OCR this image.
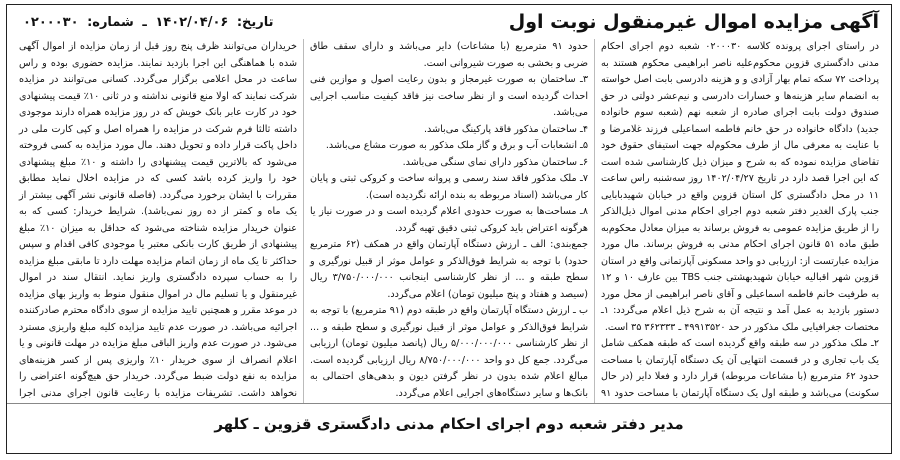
آگهی مزایده اموال غیرمنقول نوبت اول
تاریخ: ۱۴۰۲/۰۴/۰۶ ـ شماره: ۰۲۰۰۰۳۰

در راستای اجرای پرونده کلاسه ۰۲۰۰۰۳۰ شعبه دوم اجرای احکام مدنی دادگستری قزوین محکوم‌علیه ناصر ابراهیمی محکوم هستند به پرداخت ۷۲ سکه تمام بهار آزادی و و هزینه دادرسی بابت اصل خواسته به انضمام سایر هزینه‌ها و خسارات دادرسی و نیم‌عشر دولتی در حق صندوق دولت بابت اجرای صادره از شعبه نهم (شعبه سوم خانواده جدید) دادگاه خانواده در حق خانم فاطمه اسماعیلی فرزند غلامرضا و با عنایت به معرفی مال از طرف محکوم‌له جهت استیفای حقوق خود تقاضای مزایده نموده که به شرح و میزان ذیل کارشناسی شده است که این اجرا قصد دارد در تاریخ ۱۴۰۲/۰۴/۲۷ روز سه‌شنبه راس ساعت ۱۱ در محل دادگستری کل استان قزوین واقع در خیابان شهیدبابایی جنب پارک الغدیر دفتر شعبه دوم اجرای احکام مدنی اموال ذیل‌الذکر را از طریق مزایده عمومی به فروش برساند به میزان معادل محکوم‌به طبق ماده ۵۱ قانون اجرای احکام مدنی به فروش برساند. مال مورد مزایده عبارتست از: ارزیابی دو واحد مسکونی آپارتمانی واقع در استان قزوین شهر اقبالیه خیابان شهیدبهشتی جنب TBS بین عارف ۱۰ و ۱۲ به طرفیت خانم فاطمه اسماعیلی و آقای ناصر ابراهیمی از محل مورد دستور بازدید به عمل آمد و نتیجه آن به شرح ذیل اعلام می‌گردد: ۱ـ مختصات جغرافیایی ملک مذکور در حد ۴۹۹۱۳۵۲۰ ـ ۳۶۲۳۳۳ ۳۵ است.

۲ـ ملک مذکور در سه طبقه واقع گردیده است که طبقه همکف شامل یک باب تجاری و در قسمت انتهایی آن یک دستگاه آپارتمان با مساحت حدود ۶۲ مترمربع (با مشاعات مربوطه) قرار دارد و فعلا دایر (در حال سکونت) می‌باشد و طبقه اول یک دستگاه آپارتمان با مساحت حدود ۹۱

حدود ۹۱ مترمربع (با مشاعات) دایر می‌باشد و دارای سقف طاق ضربی و بخشی به صورت شیروانی است.

۳ـ ساختمان به صورت غیرمجاز و بدون رعایت اصول و موازین فنی احداث گردیده است و از نظر ساخت نیز فاقد کیفیت مناسب اجرایی می‌باشد.

۴ـ ساختمان مذکور فاقد پارکینگ می‌باشد.

۵ـ انشعابات آب و برق و گاز ملک مذکور به صورت مشاع می‌باشد.

۶ـ ساختمان مذکور دارای نمای سنگی می‌باشد.

۷ـ ملک مذکور فاقد سند رسمی و پروانه ساخت و کروکی ثبتی و پایان کار می‌باشد (اسناد مربوطه به بنده ارائه نگردیده است).

۸ـ مساحت‌ها به صورت حدودی اعلام گردیده است و در صورت نیاز یا هرگونه اعتراض باید کروکی ثبتی دقیق تهیه گردد.

جمع‌بندی: الف ـ ارزش دستگاه آپارتمان واقع در همکف (۶۲ مترمربع حدود) با توجه به شرایط فوق‌الذکر و عوامل موثر از قبیل نورگیری و سطح طبقه و ... از نظر کارشناسی اینجانب ۳/۷۵۰/۰۰۰/۰۰۰ ریال (سیصد و هفتاد و پنج میلیون تومان) اعلام می‌گردد.

ب ـ ارزش دستگاه آپارتمان واقع در طبقه دوم (۹۱ مترمربع) با توجه به شرایط فوق‌الذکر و عوامل موثر از قبیل نورگیری و سطح طبقه و ... از نظر کارشناسی ۵/۰۰۰/۰۰۰/۰۰۰ ریال (پانصد میلیون تومان) ارزیابی می‌گردد. جمع کل دو واحد ۸/۷۵۰/۰۰۰/۰۰۰ ریال ارزیابی گردیده است. مبالغ اعلام شده بدون در نظر گرفتن دیون و بدهی‌های احتمالی به بانک‌ها و سایر دستگاه‌های اجرایی اعلام می‌گردد.

خریداران می‌توانند ظرف پنج روز قبل از زمان مزایده از اموال آگهی شده با هماهنگی این اجرا بازدید نمایند. مزایده حضوری بوده و راس ساعت در محل اعلامی برگزار می‌گردد. کسانی می‌توانند در مزایده شرکت نمایند که اولا منع قانونی نداشته و در ثانی ۱۰٪ قیمت پیشنهادی خود در کارت عابر بانک خویش که در روز مزایده همراه دارند موجودی داشته ثالثا فرم شرکت در مزایده را همراه اصل و کپی کارت ملی در داخل پاکت قرار داده و تحویل دهند. مال مورد مزایده به کسی فروخته می‌شود که بالاترین قیمت پیشنهادی را داشته و ۱۰٪ مبلغ پیشنهادی خود را واریز کرده باشد کسی که در مزایده اخلال نماید مطابق مقررات با ایشان برخورد می‌گردد. (فاصله قانونی نشر آگهی بیشتر از یک ماه و کمتر از ده روز نمی‌باشد). شرایط خریدار: کسی که به عنوان خریدار مزایده شناخته می‌شود که حداقل به میزان ۱۰٪ مبلغ پیشنهادی از طریق کارت بانکی معتبر یا موجودی کافی اقدام و سپس حداکثر تا یک ماه از زمان اتمام مزایده مهلت دارد تا مابقی مبلغ مزایده را به حساب سپرده دادگستری واریز نماید. انتقال سند در اموال غیرمنقول و یا تسلیم مال در اموال منقول منوط به واریز بهای مزایده در موعد مقرر و همچنین تایید مزایده از سوی دادگاه محترم صادرکننده اجرائیه می‌باشد. در صورت عدم تایید مزایده کلیه مبلغ واریزی مسترد می‌شود. در صورت عدم واریز الباقی مبلغ مزایده در مهلت قانونی و یا اعلام انصراف از سوی خریدار ۱۰٪ واریزی پس از کسر هزینه‌های مزایده به نفع دولت ضبط می‌گردد. خریدار حق هیچ‌گونه اعتراضی را نخواهد داشت. تشریفات مزایده با رعایت قانون اجرای مدنی اجرا

مدیر دفتر شعبه دوم اجرای احکام مدنی دادگستری قزوین ـ کلهر
